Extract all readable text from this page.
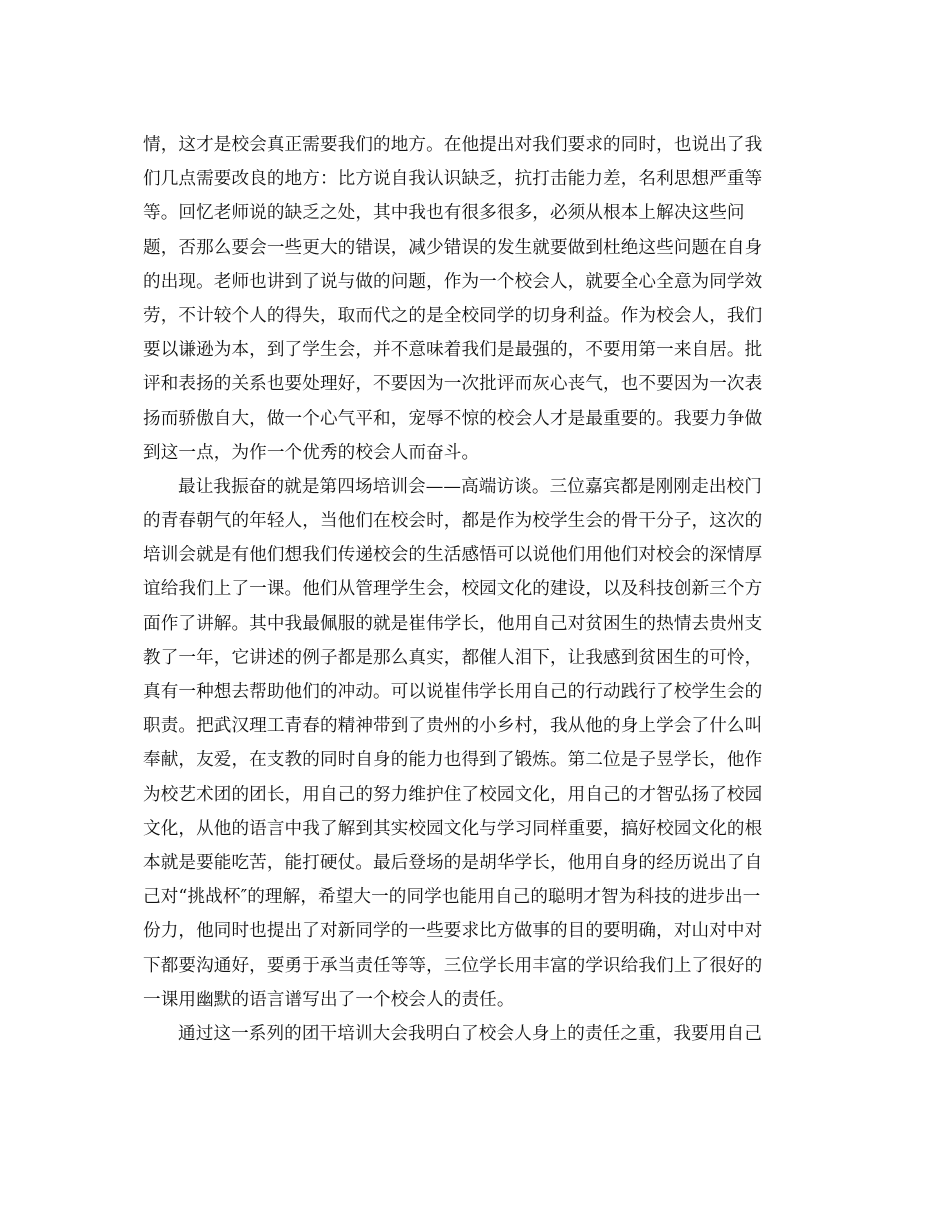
情，这才是校会真正需要我们的地方。在他提出对我们要求的同时，也说出了我
们几点需要改良的地方：比方说自我认识缺乏，抗打击能力差，名利思想严重等
等。回忆老师说的缺乏之处，其中我也有很多很多，必须从根本上解决这些问
题，否那么要会一些更大的错误，减少错误的发生就要做到杜绝这些问题在自身
的出现。老师也讲到了说与做的问题，作为一个校会人，就要全心全意为同学效
劳，不计较个人的得失，取而代之的是全校同学的切身利益。作为校会人，我们
要以谦逊为本，到了学生会，并不意味着我们是最强的，不要用第一来自居。批
评和表扬的关系也要处理好，不要因为一次批评而灰心丧气，也不要因为一次表
扬而骄傲自大，做一个心气平和，宠辱不惊的校会人才是最重要的。我要力争做
到这一点，为作一个优秀的校会人而奋斗。
最让我振奋的就是第四场培训会——高端访谈。三位嘉宾都是刚刚走出校门
的青春朝气的年轻人，当他们在校会时，都是作为校学生会的骨干分子，这次的
培训会就是有他们想我们传递校会的生活感悟可以说他们用他们对校会的深情厚
谊给我们上了一课。他们从管理学生会，校园文化的建设，以及科技创新三个方
面作了讲解。其中我最佩服的就是崔伟学长，他用自己对贫困生的热情去贵州支
教了一年，它讲述的例子都是那么真实，都催人泪下，让我感到贫困生的可怜，
真有一种想去帮助他们的冲动。可以说崔伟学长用自己的行动践行了校学生会的
职责。把武汉理工青春的精神带到了贵州的小乡村，我从他的身上学会了什么叫
奉献，友爱，在支教的同时自身的能力也得到了锻炼。第二位是子昱学长，他作
为校艺术团的团长，用自己的努力维护住了校园文化，用自己的才智弘扬了校园
文化，从他的语言中我了解到其实校园文化与学习同样重要，搞好校园文化的根
本就是要能吃苦，能打硬仗。最后登场的是胡华学长，他用自身的经历说出了自
己对“挑战杯″的理解，希望大一的同学也能用自己的聪明才智为科技的进步出一
份力，他同时也提出了对新同学的一些要求比方做事的目的要明确，对山对中对
下都要沟通好，要勇于承当责任等等，三位学长用丰富的学识给我们上了很好的
一课用幽默的语言谱写出了一个校会人的责任。
通过这一系列的团干培训大会我明白了校会人身上的责任之重，我要用自己
